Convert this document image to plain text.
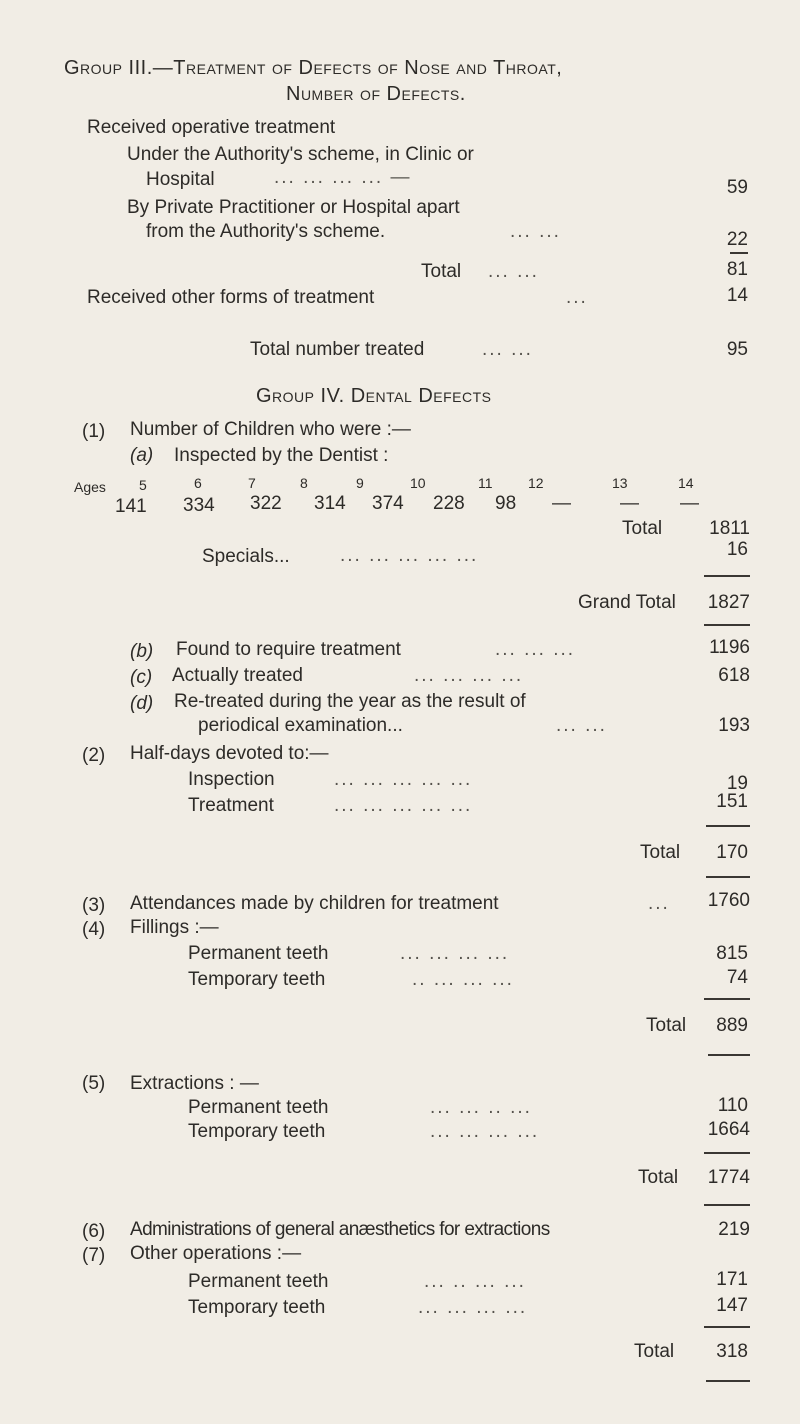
Group III.—Treatment of Defects of Nose and Throat,
Number of Defects.
Received operative treatment
Under the Authority's scheme, in Clinic or
Hospital	... ... ... ... —	59
By Private Practitioner or Hospital apart
from the Authority's scheme.	... ...	22
Total ... ...	81
Received other forms of treatment	...	14
Total number treated	... ...	95
Group IV. Dental Defects
(1) Number of Children who were :—
(a) Inspected by the Dentist :
Ages 5	6	7	8	9	10	11	12	13	14
141 334 322 314 374 228 98 —	— —
Total 1811
Specials...	... ... ... ... ...	16
Grand Total 1827
(b) Found to require treatment	... ... ...	1196
(c) Actually treated	... ... ... ...	618
(d) Re-treated during the year as the result of
periodical examination...	... ...	193
(2) Half-days devoted to:—
Inspection	... ... ... ... ...	19
Treatment	... ... ... ... ...	151
Total 170
(3) Attendances made by children for treatment	... 1760
(4) Fillings :—
Permanent teeth	... ... ... ...	815
Temporary teeth	.. ... ... ...	74
Total 889
(5) Extractions : —
Permanent teeth	... ... .. ...	110
Temporary teeth	... ... ... ...	1664
Total 1774
(6) Administrations of general anæsthetics for extractions	219
(7) Other operations :—
Permanent teeth	... .. ... ...	171
Temporary teeth	... ... ... ...	147
Total 318
